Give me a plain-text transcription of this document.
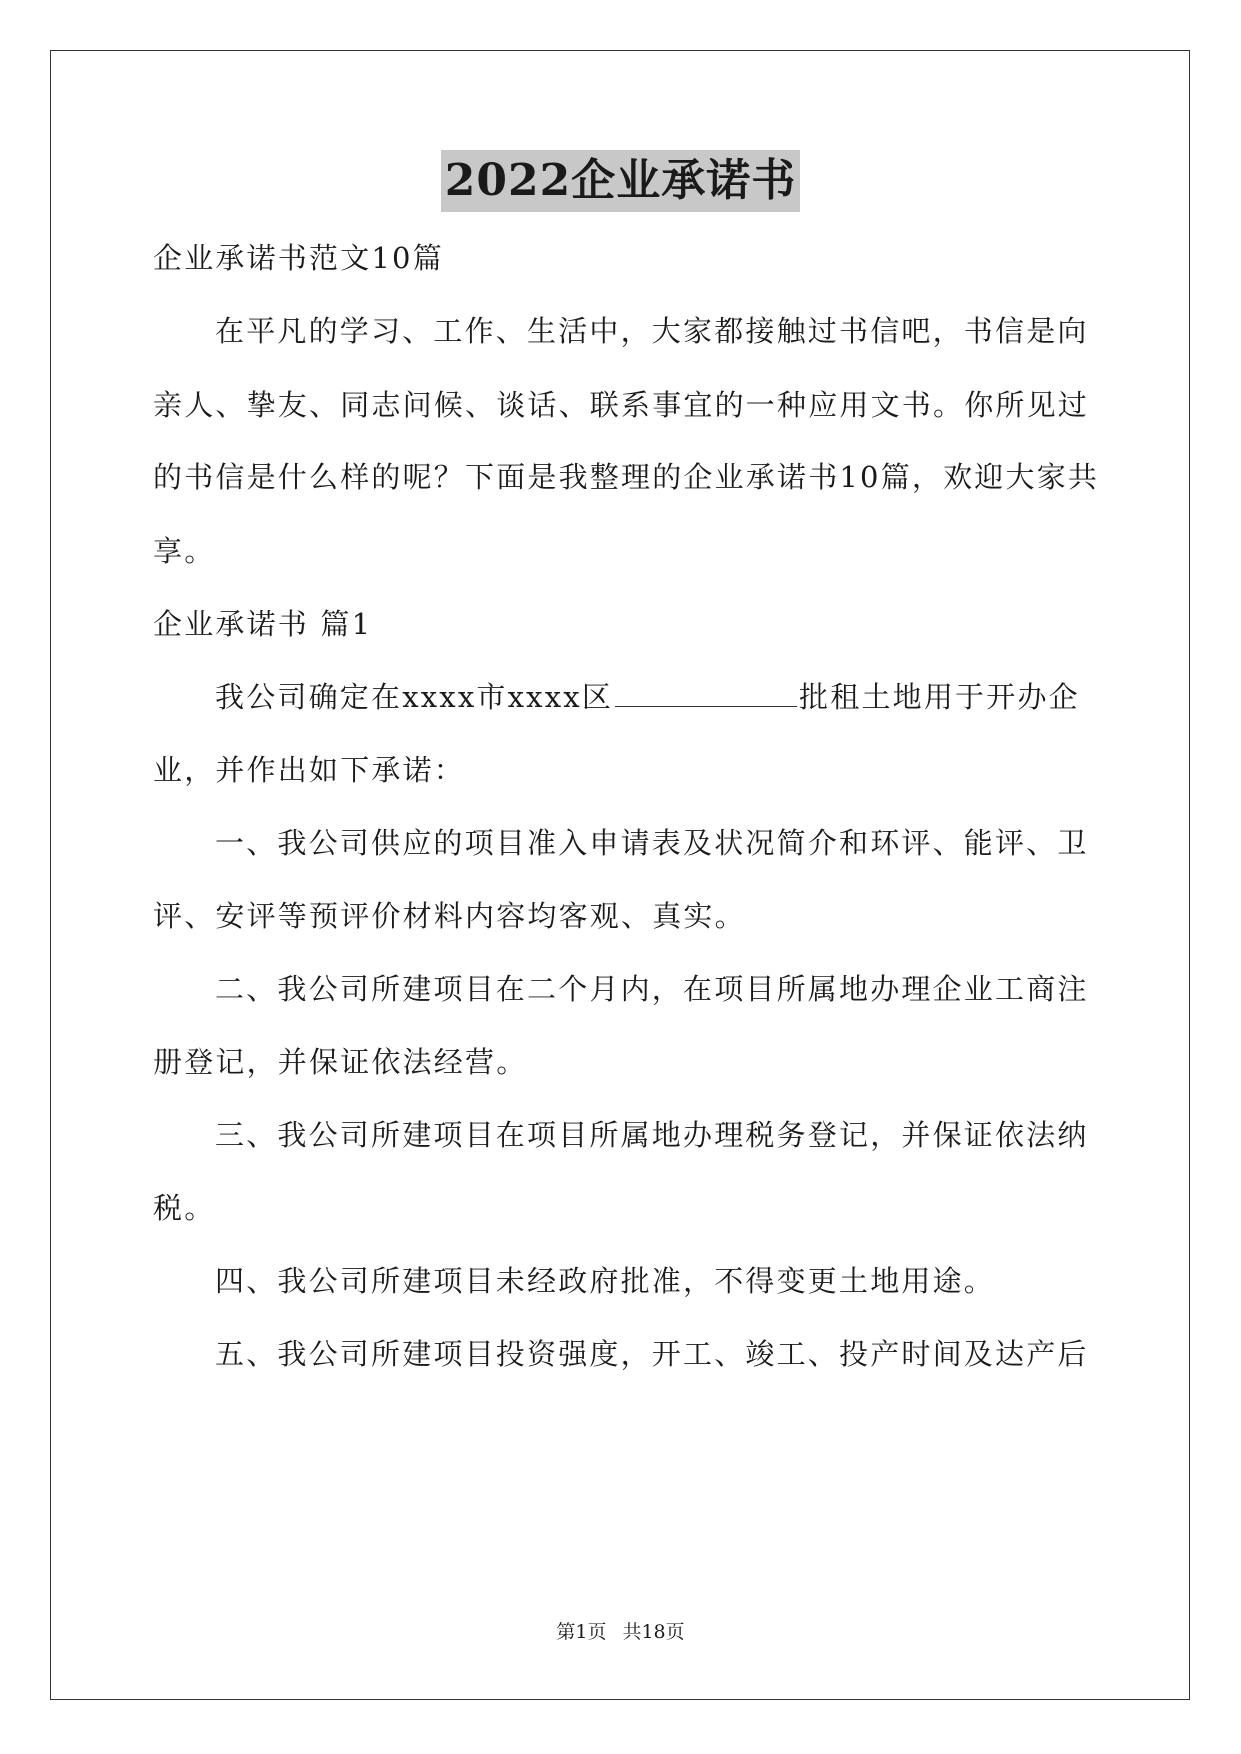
2022企业承诺书
企业承诺书范文10篇
在平凡的学习、工作、生活中，大家都接触过书信吧，书信是向
亲人、挚友、同志问候、谈话、联系事宜的一种应用文书。你所见过
的书信是什么样的呢？下面是我整理的企业承诺书10篇，欢迎大家共
享。
企业承诺书 篇1
我公司确定在xxxx市xxxx区	批租土地用于开办企
业，并作出如下承诺：
一、我公司供应的项目准入申请表及状况简介和环评、能评、卫
评、安评等预评价材料内容均客观、真实。
二、我公司所建项目在二个月内，在项目所属地办理企业工商注
册登记，并保证依法经营。
三、我公司所建项目在项目所属地办理税务登记，并保证依法纳
税。
四、我公司所建项目未经政府批准，不得变更土地用途。
五、我公司所建项目投资强度，开工、竣工、投产时间及达产后
第1页 共18页
